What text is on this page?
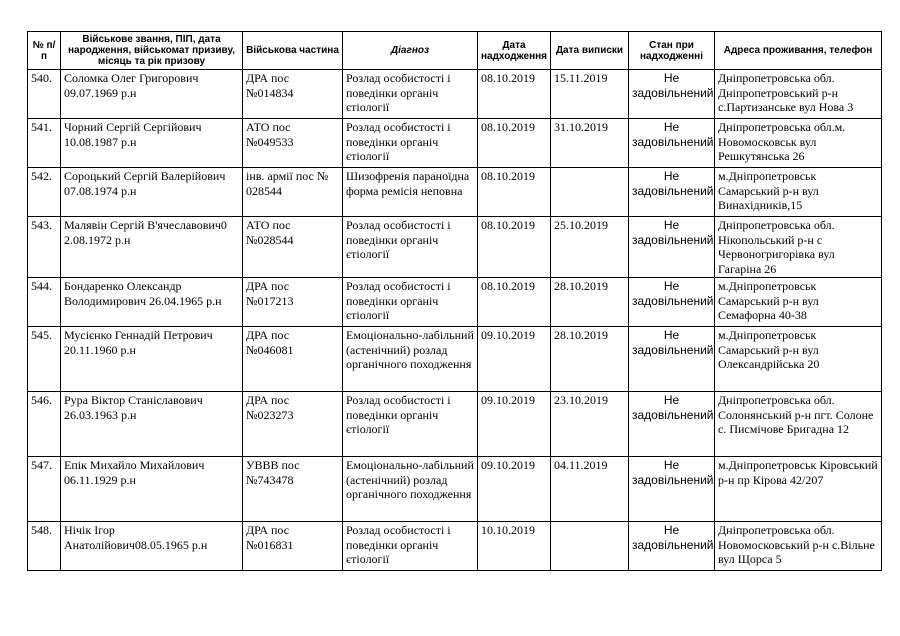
№ п/п	Військове звання, ПІП, дата народження, військомат призиву, місяць та рік призову	Військова частина	Діагноз	Дата надходження	Дата виписки	Стан при надходженні	Адреса проживання, телефон
540.	Соломка Олег Григорович 09.07.1969 р.н	ДРА пос №014834	Розлад особистості і поведінки органіч єтіології	08.10.2019	15.11.2019	Не задовільнений	Дніпропетровська обл. Дніпропетровський р-н с.Партизанське вул Нова 3
541.	Чорний Сергій Сергійович 10.08.1987 р.н	АТО пос №049533	Розлад особистості і поведінки органіч єтіології	08.10.2019	31.10.2019	Не задовільнений	Дніпропетровська обл.м. Новомосковськ вул Решкутянська 26
542.	Сороцький Сергій Валерійович 07.08.1974 р.н	інв. армії пос № 028544	Шизофренія параноїдна форма ремісія неповна	08.10.2019		Не задовільнений	м.Дніпропетровськ Самарський р-н вул Винахідників,15
543.	Малявін Сергій В'ячеславович0 2.08.1972 р.н	АТО пос №028544	Розлад особистості і поведінки органіч єтіології	08.10.2019	25.10.2019	Не задовільнений	Дніпропетровська обл. Нікопольський р-н с Червоногригорівка вул Гагаріна 26
544.	Бондаренко Олександр Володимирович 26.04.1965 р.н	ДРА пос №017213	Розлад особистості і поведінки органіч єтіології	08.10.2019	28.10.2019	Не задовільнений	м.Дніпропетровськ Самарський р-н вул Семафорна 40-38
545.	Мусієнко Геннадій Петрович 20.11.1960 р.н	ДРА пос №046081	Емоціонально-лабільний (астенічний) розлад органічного походження	09.10.2019	28.10.2019	Не задовільнений	м.Дніпропетровськ Самарський р-н вул Олександрійська 20
546.	Рура Віктор Станіславович 26.03.1963 р.н	ДРА пос №023273	Розлад особистості і поведінки органіч єтіології	09.10.2019	23.10.2019	Не задовільнений	Дніпропетровська обл. Солонянський р-н пгт. Солоне с. Писмічове Бригадна 12
547.	Епік Михайло Михайлович 06.11.1929 р.н	УВВВ пос №743478	Емоціонально-лабільний (астенічний) розлад органічного походження	09.10.2019	04.11.2019	Не задовільнений	м.Дніпропетровськ Кіровський р-н пр Кірова 42/207
548.	Нічік Ігор Анатолійович08.05.1965 р.н	ДРА пос №016831	Розлад особистості і поведінки органіч єтіології	10.10.2019		Не задовільнений	Дніпропетровська обл. Новомосковський р-н с.Вільне вул Щорса 5
